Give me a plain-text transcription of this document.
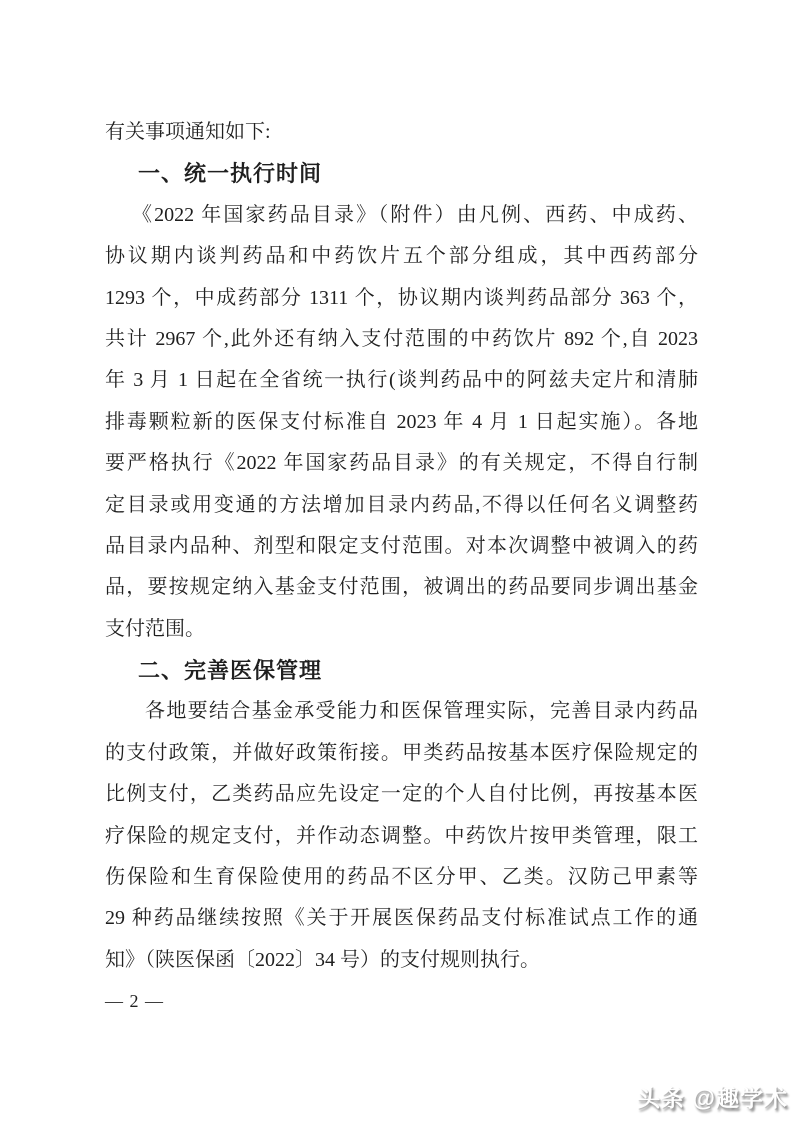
有关事项通知如下:
一、统一执行时间
《2022 年国家药品目录》（附件）由凡例、西药、中成药、
协议期内谈判药品和中药饮片五个部分组成，其中西药部分
1293 个，中成药部分 1311 个，协议期内谈判药品部分 363 个，
共计 2967 个,此外还有纳入支付范围的中药饮片 892 个,自 2023
年 3 月 1 日起在全省统一执行(谈判药品中的阿兹夫定片和清肺
排毒颗粒新的医保支付标准自 2023 年 4 月 1 日起实施）。各地
要严格执行《2022 年国家药品目录》的有关规定，不得自行制
定目录或用变通的方法增加目录内药品,不得以任何名义调整药
品目录内品种、剂型和限定支付范围。对本次调整中被调入的药
品，要按规定纳入基金支付范围，被调出的药品要同步调出基金
支付范围。
二、完善医保管理
各地要结合基金承受能力和医保管理实际，完善目录内药品
的支付政策，并做好政策衔接。甲类药品按基本医疗保险规定的
比例支付，乙类药品应先设定一定的个人自付比例，再按基本医
疗保险的规定支付，并作动态调整。中药饮片按甲类管理，限工
伤保险和生育保险使用的药品不区分甲、乙类。汉防己甲素等
29 种药品继续按照《关于开展医保药品支付标准试点工作的通
知》（陕医保函〔2022〕34 号）的支付规则执行。
— 2 —
头条 @趣学术
